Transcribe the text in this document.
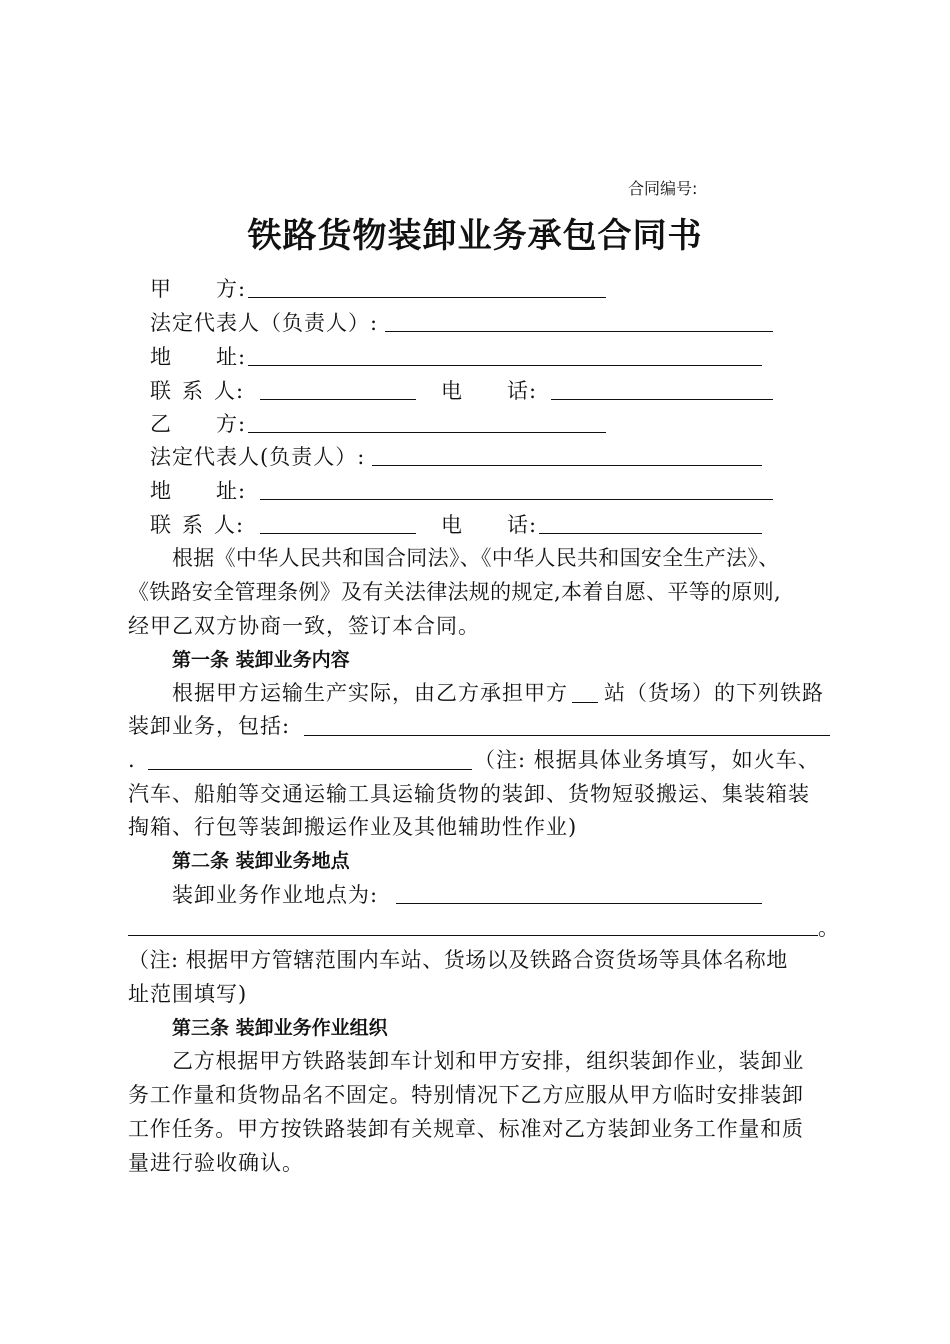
合同编号:
铁路货物装卸业务承包合同书
甲 方:
法定代表人（负责人）:
地 址:
联 系 人:	电 话:
乙 方:
法定代表人(负责人）:
地 址:
联 系 人:	电 话:
根据《中华人民共和国合同法》、《中华人民共和国安全生产法》、
《铁路安全管理条例》及有关法律法规的规定,本着自愿、平等的原则,
经甲乙双方协商一致，签订本合同。
第一条 装卸业务内容
根据甲方运输生产实际，由乙方承担甲方 站（货场）的下列铁路
装卸业务，包括:
.	（注: 根据具体业务填写，如火车、
汽车、船舶等交通运输工具运输货物的装卸、货物短驳搬运、集装箱装
掏箱、行包等装卸搬运作业及其他辅助性作业)
第二条 装卸业务地点
装卸业务作业地点为:
。
（注: 根据甲方管辖范围内车站、货场以及铁路合资货场等具体名称地
址范围填写)
第三条 装卸业务作业组织
乙方根据甲方铁路装卸车计划和甲方安排，组织装卸作业，装卸业
务工作量和货物品名不固定。特别情况下乙方应服从甲方临时安排装卸
工作任务。甲方按铁路装卸有关规章、标准对乙方装卸业务工作量和质
量进行验收确认。
